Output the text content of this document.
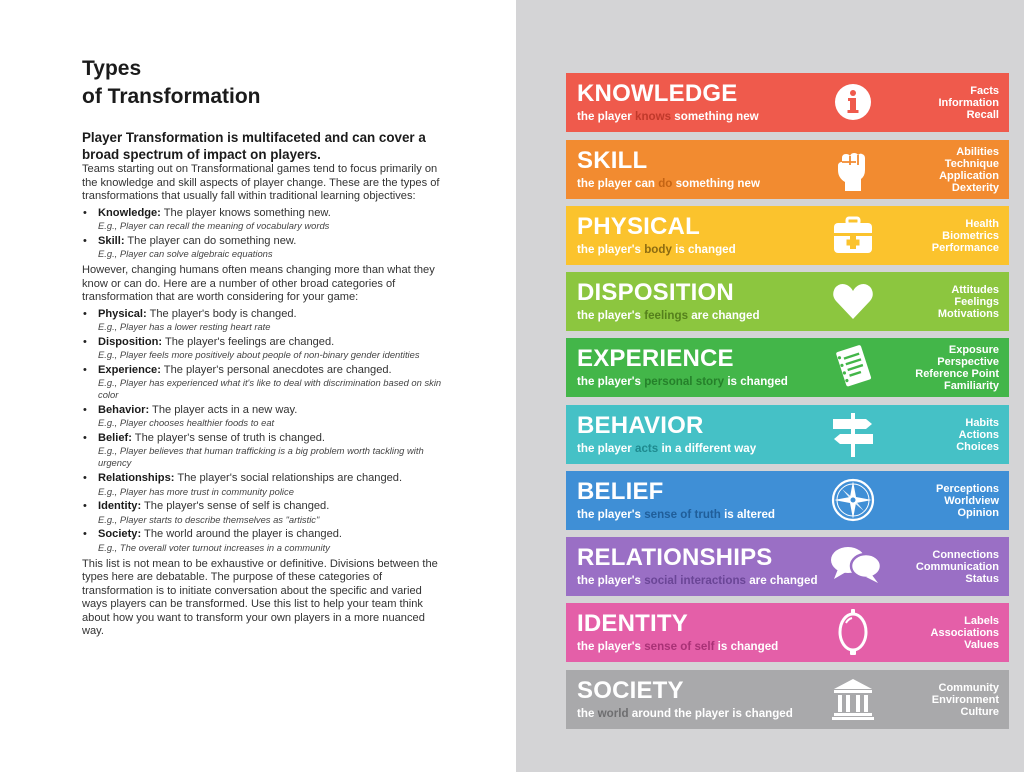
Types
of Transformation
Player Transformation is multifaceted and can cover a broad spectrum of impact on players.
Teams starting out on Transformational games tend to focus primarily on the knowledge and skill aspects of player change. These are the types of transformations that usually fall within traditional learning objectives:
• Knowledge: The player knows something new.
E.g., Player can recall the meaning of vocabulary words
• Skill: The player can do something new.
E.g., Player can solve algebraic equations
However, changing humans often means changing more than what they know or can do. Here are a number of other broad categories of transformation that are worth considering for your game:
• Physical: The player's body is changed.
E.g., Player has a lower resting heart rate
• Disposition: The player's feelings are changed.
E.g., Player feels more positively about people of non-binary gender identities
• Experience: The player's personal anecdotes are changed.
E.g., Player has experienced what it's like to deal with discrimination based on skin color
• Behavior: The player acts in a new way.
E.g., Player chooses healthier foods to eat
• Belief: The player's sense of truth is changed.
E.g., Player believes that human trafficking is a big problem worth tackling with urgency
• Relationships: The player's social relationships are changed.
E.g., Player has more trust in community police
• Identity: The player's sense of self is changed.
E.g., Player starts to describe themselves as "artistic"
• Society: The world around the player is changed.
E.g., The overall voter turnout increases in a community
This list is not mean to be exhaustive or definitive. Divisions between the types here are debatable. The purpose of these categories of transformation is to initiate conversation about the specific and varied ways players can be transformed. Use this list to help your team think about how you want to transform your own players in a more nuanced way.
KNOWLEDGE
the player knows something new
Facts
Information
Recall
SKILL
the player can do something new
Abilities
Technique
Application
Dexterity
PHYSICAL
the player's body is changed
Health
Biometrics
Performance
DISPOSITION
the player's feelings are changed
Attitudes
Feelings
Motivations
EXPERIENCE
the player's personal story is changed
Exposure
Perspective
Reference Point
Familiarity
BEHAVIOR
the player acts in a different way
Habits
Actions
Choices
BELIEF
the player's sense of truth is altered
Perceptions
Worldview
Opinion
RELATIONSHIPS
the player's social interactions are changed
Connections
Communication
Status
IDENTITY
the player's sense of self is changed
Labels
Associations
Values
SOCIETY
the world around the player is changed
Community
Environment
Culture
